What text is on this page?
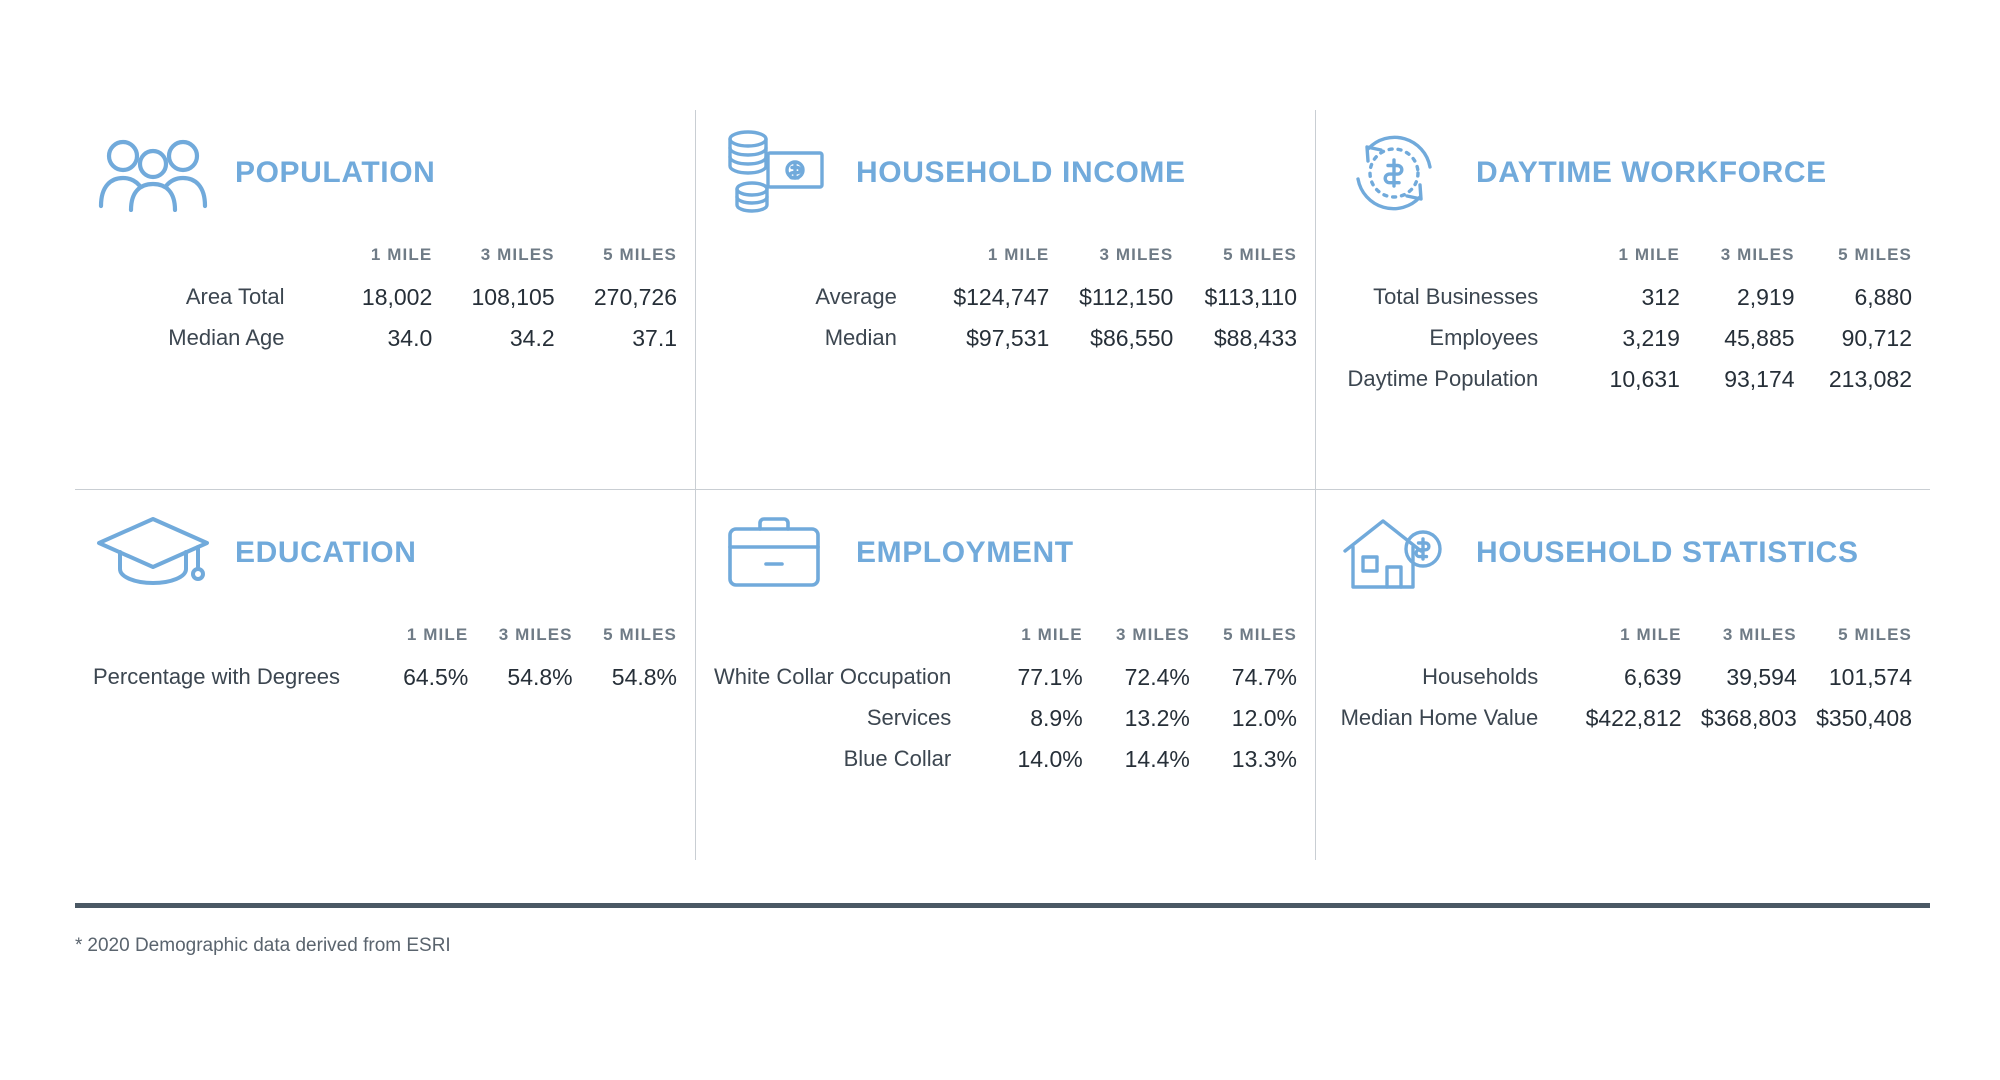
POPULATION
	1 MILE	3 MILES	5 MILES
Area Total	18,002	108,105	270,726
Median Age	34.0	34.2	37.1
HOUSEHOLD INCOME
	1 MILE	3 MILES	5 MILES
Average	$124,747	$112,150	$113,110
Median	$97,531	$86,550	$88,433
DAYTIME WORKFORCE
	1 MILE	3 MILES	5 MILES
Total Businesses	312	2,919	6,880
Employees	3,219	45,885	90,712
Daytime Population	10,631	93,174	213,082
EDUCATION
	1 MILE	3 MILES	5 MILES
Percentage with Degrees	64.5%	54.8%	54.8%
EMPLOYMENT
	1 MILE	3 MILES	5 MILES
White Collar Occupation	77.1%	72.4%	74.7%
Services	8.9%	13.2%	12.0%
Blue Collar	14.0%	14.4%	13.3%
HOUSEHOLD STATISTICS
	1 MILE	3 MILES	5 MILES
Households	6,639	39,594	101,574
Median Home Value	$422,812	$368,803	$350,408
* 2020 Demographic data derived from ESRI
